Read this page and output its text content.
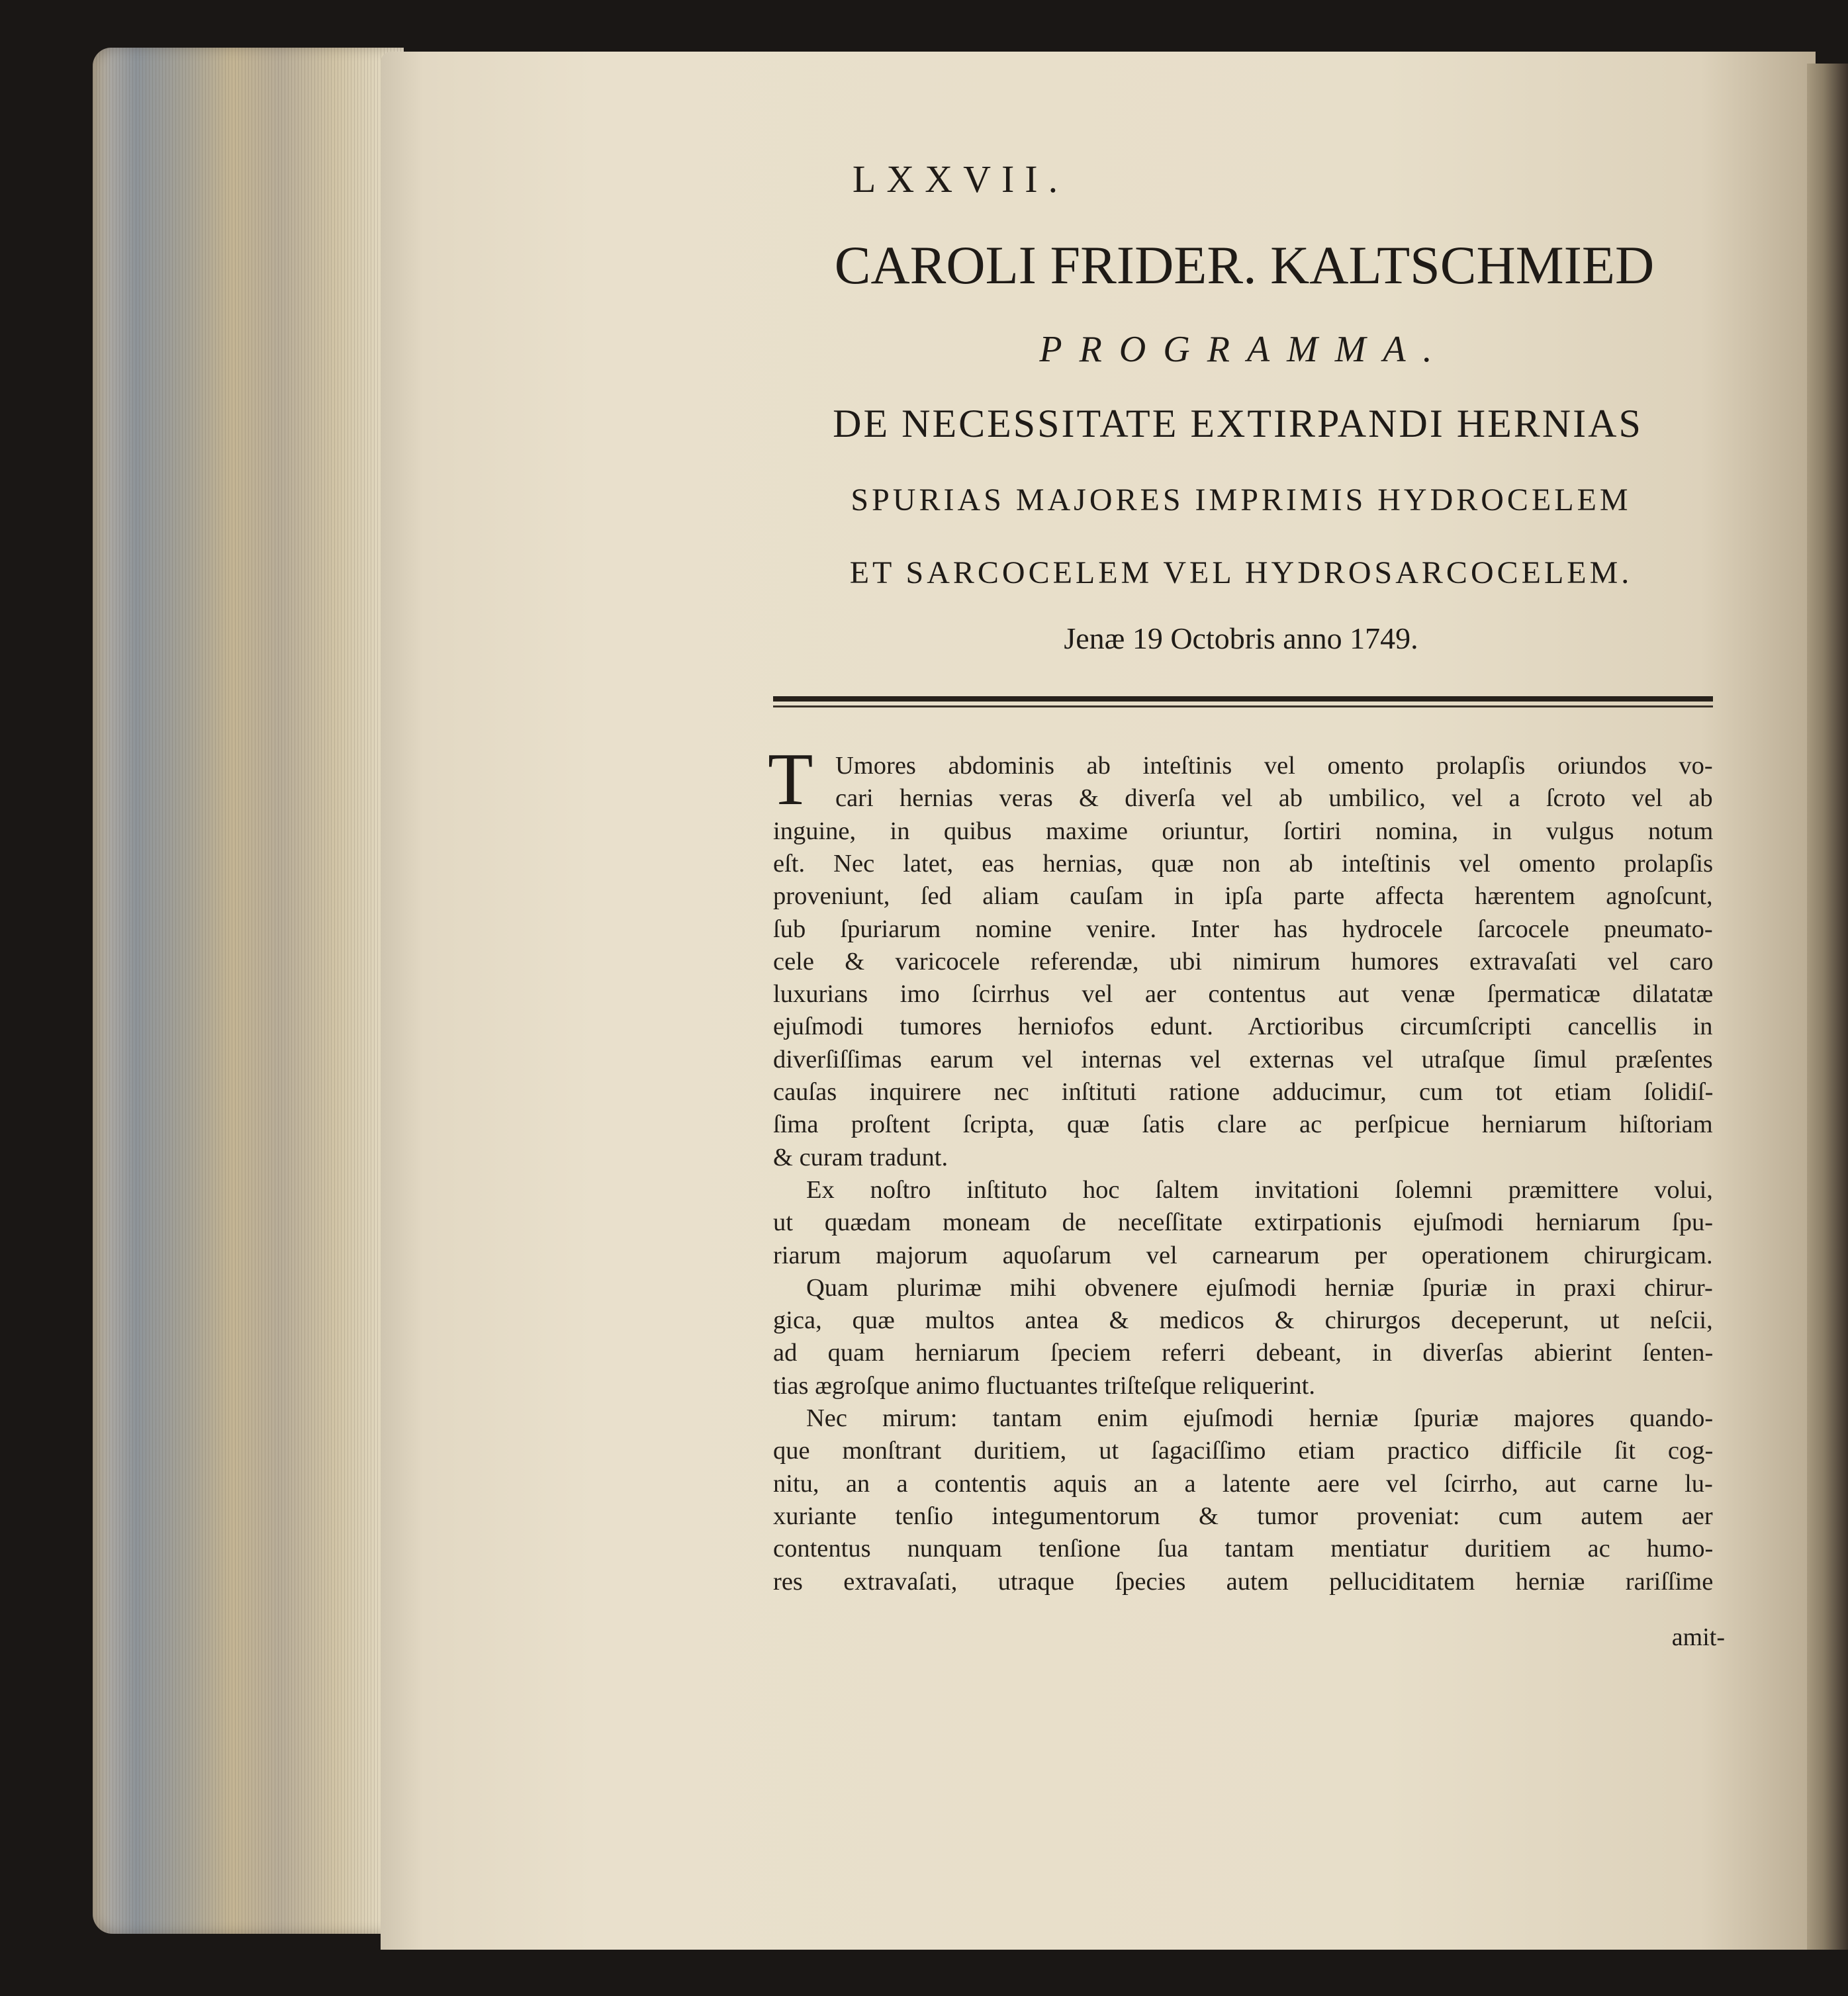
LXXVII.
CAROLI FRIDER. KALTSCHMIED
PROGRAMMA.
DE NECESSITATE EXTIRPANDI HERNIAS
SPURIAS MAJORES IMPRIMIS HYDROCELEM
ET SARCOCELEM VEL HYDROSARCOCELEM.
Jenæ 19 Octobris anno 1749.
T Umores abdominis ab inteſtinis vel omento prolapſis oriundos vo-
cari hernias veras & diverſa vel ab umbilico, vel a ſcroto vel ab
inguine, in quibus maxime oriuntur, ſortiri nomina, in vulgus notum
eſt. Nec latet, eas hernias, quæ non ab inteſtinis vel omento prolapſis
proveniunt, ſed aliam cauſam in ipſa parte affecta hærentem agnoſcunt,
ſub ſpuriarum nomine venire. Inter has hydrocele ſarcocele pneumato-
cele & varicocele referendæ, ubi nimirum humores extravaſati vel caro
luxurians imo ſcirrhus vel aer contentus aut venæ ſpermaticæ dilatatæ
ejuſmodi tumores herniofos edunt. Arctioribus circumſcripti cancellis in
diverſiſſimas earum vel internas vel externas vel utraſque ſimul præſentes
cauſas inquirere nec inſtituti ratione adducimur, cum tot etiam ſolidiſ-
ſima proſtent ſcripta, quæ ſatis clare ac perſpicue herniarum hiſtoriam
& curam tradunt.
Ex noſtro inſtituto hoc ſaltem invitationi ſolemni præmittere volui,
ut quædam moneam de neceſſitate extirpationis ejuſmodi herniarum ſpu-
riarum majorum aquoſarum vel carnearum per operationem chirurgicam.
Quam plurimæ mihi obvenere ejuſmodi herniæ ſpuriæ in praxi chirur-
gica, quæ multos antea & medicos & chirurgos deceperunt, ut neſcii,
ad quam herniarum ſpeciem referri debeant, in diverſas abierint ſenten-
tias ægroſque animo fluctuantes triſteſque reliquerint.
Nec mirum: tantam enim ejuſmodi herniæ ſpuriæ majores quando-
que monſtrant duritiem, ut ſagaciſſimo etiam practico difficile ſit cog-
nitu, an a contentis aquis an a latente aere vel ſcirrho, aut carne lu-
xuriante tenſio integumentorum & tumor proveniat: cum autem aer
contentus nunquam tenſione ſua tantam mentiatur duritiem ac humo-
res extravaſati, utraque ſpecies autem pelluciditatem herniæ rariſſime
amit-
